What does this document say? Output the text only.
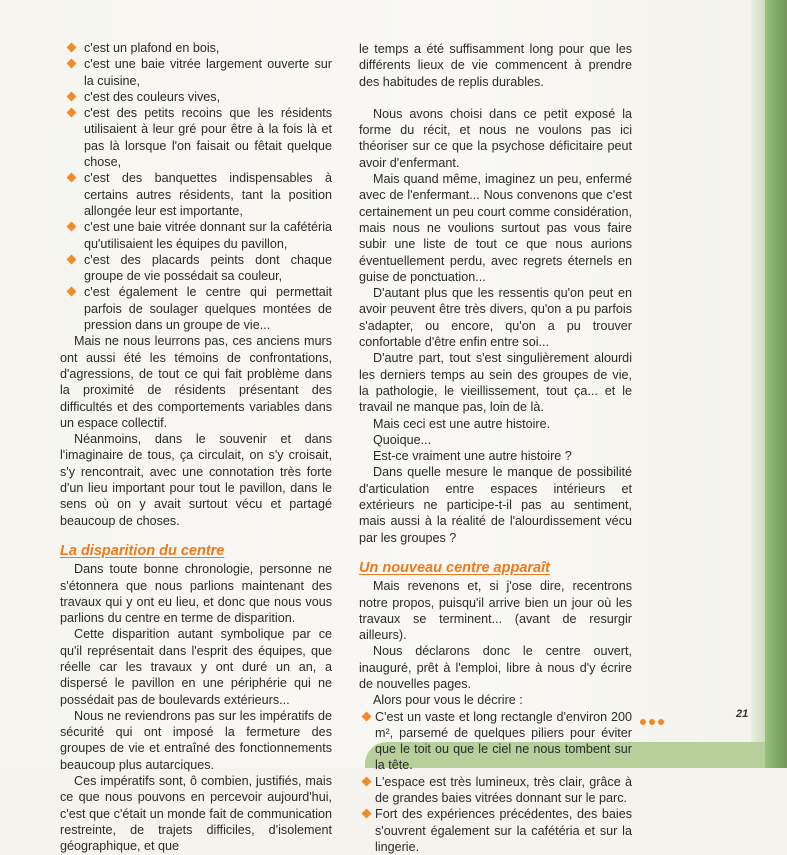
c'est un plafond en bois,
c'est une baie vitrée largement ouverte sur la cuisine,
c'est des couleurs vives,
c'est des petits recoins que les résidents utilisaient à leur gré pour être à la fois là et pas là lorsque l'on faisait ou fêtait quelque chose,
c'est des banquettes indispensables à certains autres résidents, tant la position allongée leur est importante,
c'est une baie vitrée donnant sur la cafétéria qu'utilisaient les équipes du pavillon,
c'est des placards peints dont chaque groupe de vie possédait sa couleur,
c'est également le centre qui permettait parfois de soulager quelques montées de pression dans un groupe de vie...

Mais ne nous leurrons pas, ces anciens murs ont aussi été les témoins de confrontations, d'agressions, de tout ce qui fait problème dans la proximité de résidents présentant des difficultés et des comportements variables dans un espace collectif.

Néanmoins, dans le souvenir et dans l'imaginaire de tous, ça circulait, on s'y croisait, s'y rencontrait, avec une connotation très forte d'un lieu important pour tout le pavillon, dans le sens où on y avait surtout vécu et partagé beaucoup de choses.

La disparition du centre

Dans toute bonne chronologie, personne ne s'étonnera que nous parlions maintenant des travaux qui y ont eu lieu, et donc que nous vous parlions du centre en terme de disparition.

Cette disparition autant symbolique par ce qu'il représentait dans l'esprit des équipes, que réelle car les travaux y ont duré un an, a dispersé le pavillon en une périphérie qui ne possédait pas de boulevards extérieurs...

Nous ne reviendrons pas sur les impératifs de sécurité qui ont imposé la fermeture des groupes de vie et entraîné des fonctionnements beaucoup plus autarciques.

Ces impératifs sont, ô combien, justifiés, mais ce que nous pouvons en percevoir aujourd'hui, c'est que c'était un monde fait de communication restreinte, de trajets difficiles, d'isolement géographique, et que

le temps a été suffisamment long pour que les différents lieux de vie commencent à prendre des habitudes de replis durables.

Nous avons choisi dans ce petit exposé la forme du récit, et nous ne voulons pas ici théoriser sur ce que la psychose déficitaire peut avoir d'enfermant.

Mais quand même, imaginez un peu, enfermé avec de l'enfermant... Nous convenons que c'est certainement un peu court comme considération, mais nous ne voulions surtout pas vous faire subir une liste de tout ce que nous aurions éventuellement perdu, avec regrets éternels en guise de ponctuation...

D'autant plus que les ressentis qu'on peut en avoir peuvent être très divers, qu'on a pu parfois s'adapter, ou encore, qu'on a pu trouver confortable d'être enfin entre soi...

D'autre part, tout s'est singulièrement alourdi les derniers temps au sein des groupes de vie, la pathologie, le vieillissement, tout ça... et le travail ne manque pas, loin de là.

Mais ceci est une autre histoire.

Quoique...

Est-ce vraiment une autre histoire ?

Dans quelle mesure le manque de possibilité d'articulation entre espaces intérieurs et extérieurs ne participe-t-il pas au sentiment, mais aussi à la réalité de l'alourdissement vécu par les groupes ?

Un nouveau centre apparaît

Mais revenons et, si j'ose dire, recentrons notre propos, puisqu'il arrive bien un jour où les travaux se terminent... (avant de resurgir ailleurs).

Nous déclarons donc le centre ouvert, inauguré, prêt à l'emploi, libre à nous d'y écrire de nouvelles pages.

Alors pour vous le décrire :

C'est un vaste et long rectangle d'environ 200 m², parsemé de quelques piliers pour éviter que le toit ou que le ciel ne nous tombent sur la tête.
L'espace est très lumineux, très clair, grâce à de grandes baies vitrées donnant sur le parc.
Fort des expériences précédentes, des baies s'ouvrent également sur la cafétéria et sur la lingerie.
21
